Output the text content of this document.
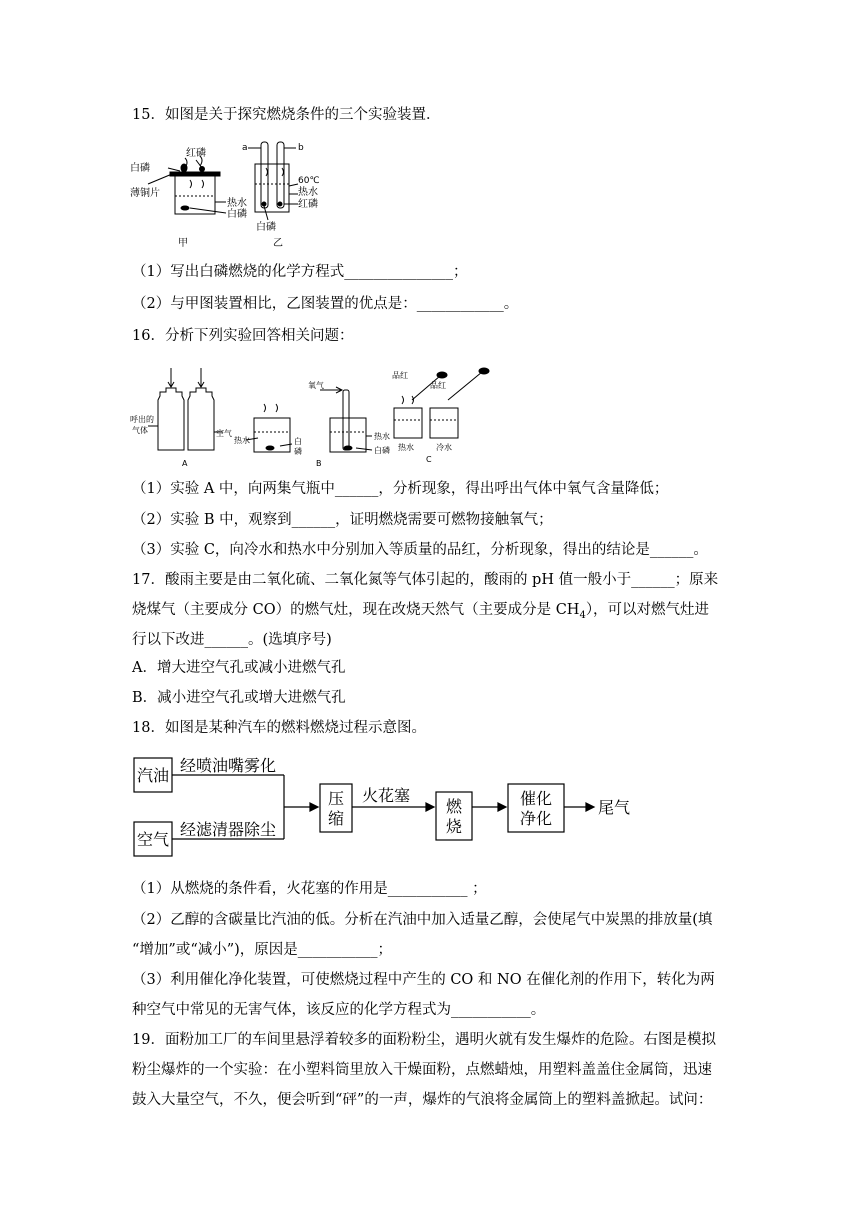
15．如图是关于探究燃烧条件的三个实验装置．
红磷
白磷
薄铜片
热水
白磷
甲
a	b
60℃
热水
红磷
白磷
乙
（1）写出白磷燃烧的化学方程式_______________；
（2）与甲图装置相比，乙图装置的优点是：____________。
16．分析下列实验回答相关问题：
呼出的
气体	空气
A
氧气
热水	白
磷
热水
白磷
B
品红
品红
热水	冷水
C
（1）实验 A 中，向两集气瓶中______，分析现象，得出呼出气体中氧气含量降低；
（2）实验 B 中，观察到______，证明燃烧需要可燃物接触氧气；
（3）实验 C，向冷水和热水中分别加入等质量的品红，分析现象，得出的结论是______。
17．酸雨主要是由二氧化硫、二氧化氮等气体引起的，酸雨的 pH 值一般小于______；原来
烧煤气（主要成分 CO）的燃气灶，现在改烧天然气（主要成分是 $CH_4$），可以对燃气灶进
行以下改进______。(选填序号)
A．增大进空气孔或减小进燃气孔
B．减小进空气孔或增大进燃气孔
18．如图是某种汽车的燃料燃烧过程示意图。
汽油
经喷油嘴雾化
空气
经滤清器除尘
压
缩
火花塞
燃
烧
催化
净化
尾气
（1）从燃烧的条件看，火花塞的作用是___________ ；
（2）乙醇的含碳量比汽油的低。分析在汽油中加入适量乙醇，会使尾气中炭黑的排放量(填
“增加”或“减小”)，原因是___________；
（3）利用催化净化装置，可使燃烧过程中产生的 CO 和 NO 在催化剂的作用下，转化为两
种空气中常见的无害气体，该反应的化学方程式为___________。
19．面粉加工厂的车间里悬浮着较多的面粉粉尘，遇明火就有发生爆炸的危险。右图是模拟
粉尘爆炸的一个实验：在小塑料筒里放入干燥面粉，点燃蜡烛，用塑料盖盖住金属筒，迅速
鼓入大量空气，不久，便会听到“砰”的一声，爆炸的气浪将金属筒上的塑料盖掀起。试问：
